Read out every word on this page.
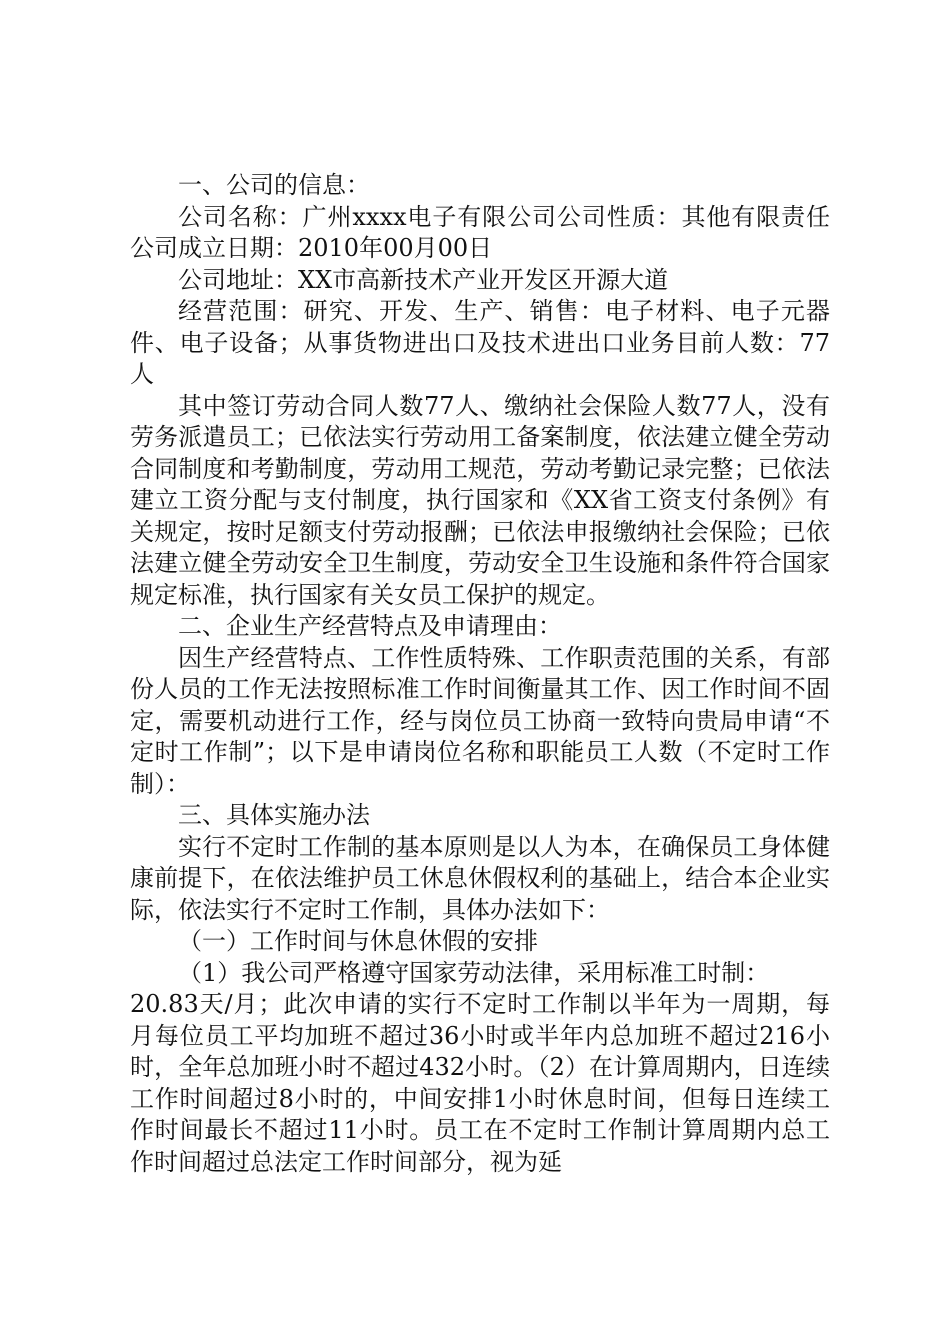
一、公司的信息：

公司名称：广州xxxx电子有限公司公司性质：其他有限责任公司成立日期：2010年00月00日

公司地址：XX市高新技术产业开发区开源大道

经营范围：研究、开发、生产、销售：电子材料、电子元器件、电子设备；从事货物进出口及技术进出口业务目前人数：77人

其中签订劳动合同人数77人、缴纳社会保险人数77人，没有劳务派遣员工；已依法实行劳动用工备案制度，依法建立健全劳动合同制度和考勤制度，劳动用工规范，劳动考勤记录完整；已依法建立工资分配与支付制度，执行国家和《XX省工资支付条例》有关规定，按时足额支付劳动报酬；已依法申报缴纳社会保险；已依法建立健全劳动安全卫生制度，劳动安全卫生设施和条件符合国家规定标准，执行国家有关女员工保护的规定。

二、企业生产经营特点及申请理由：

因生产经营特点、工作性质特殊、工作职责范围的关系，有部份人员的工作无法按照标准工作时间衡量其工作、因工作时间不固定，需要机动进行工作，经与岗位员工协商一致特向贵局申请“不定时工作制”；以下是申请岗位名称和职能员工人数（不定时工作制）：

三、具体实施办法

实行不定时工作制的基本原则是以人为本，在确保员工身体健康前提下，在依法维护员工休息休假权利的基础上，结合本企业实际，依法实行不定时工作制，具体办法如下：

（一）工作时间与休息休假的安排

（1）我公司严格遵守国家劳动法律，采用标准工时制：

20.83天/月；此次申请的实行不定时工作制以半年为一周期，每月每位员工平均加班不超过36小时或半年内总加班不超过216小时，全年总加班小时不超过432小时。（2）在计算周期内，日连续工作时间超过8小时的，中间安排1小时休息时间，但每日连续工作时间最长不超过11小时。员工在不定时工作制计算周期内总工作时间超过总法定工作时间部分，视为延
